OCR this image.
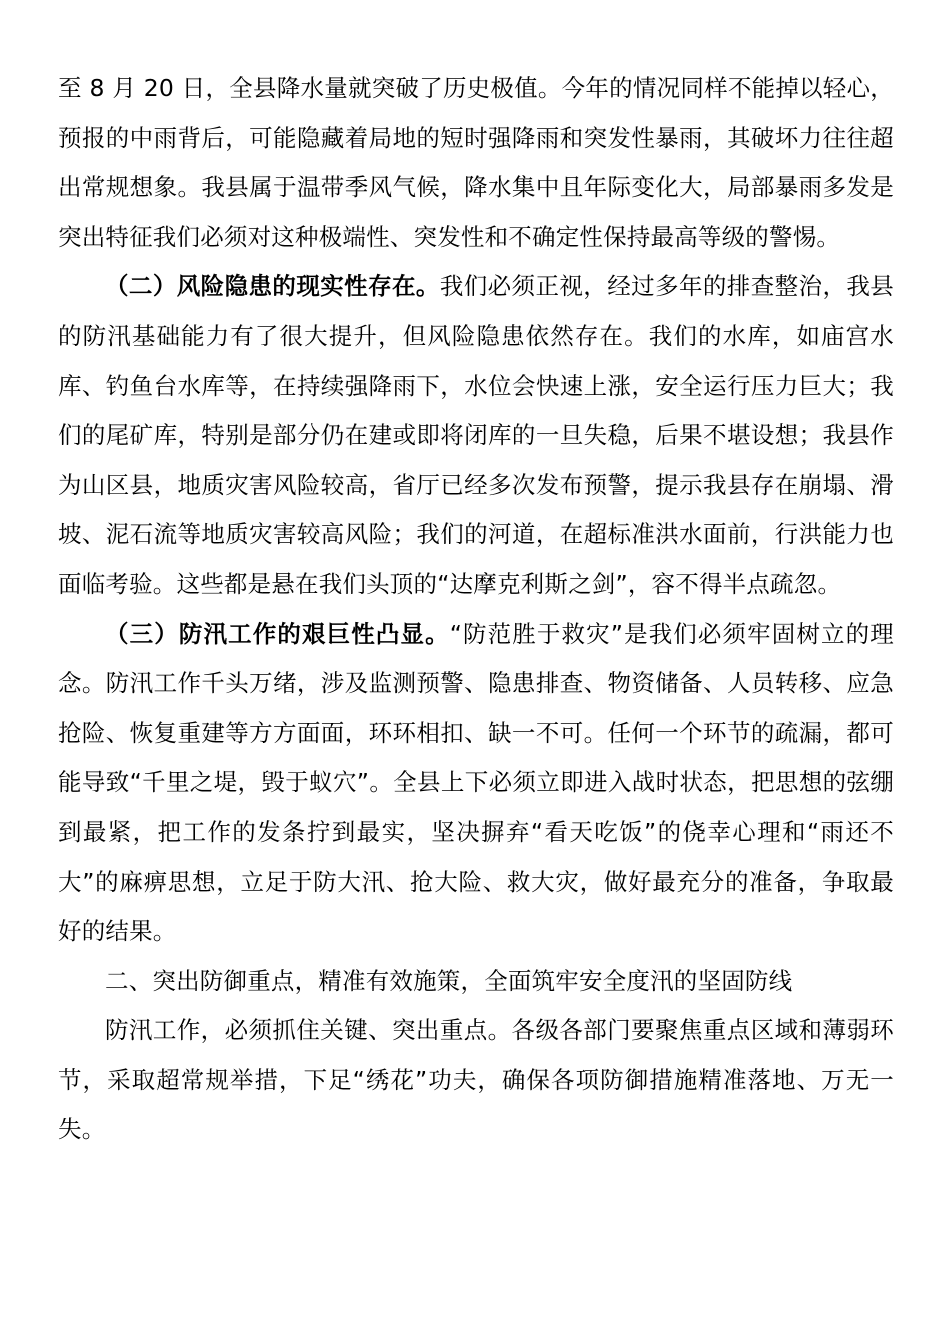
至 8 月 20 日，全县降水量就突破了历史极值。今年的情况同样不能掉以轻心，预报的中雨背后，可能隐藏着局地的短时强降雨和突发性暴雨，其破坏力往往超出常规想象。我县属于温带季风气候，降水集中且年际变化大，局部暴雨多发是突出特征我们必须对这种极端性、突发性和不确定性保持最高等级的警惕。

（二）风险隐患的现实性存在。我们必须正视，经过多年的排查整治，我县的防汛基础能力有了很大提升，但风险隐患依然存在。我们的水库，如庙宫水库、钓鱼台水库等，在持续强降雨下，水位会快速上涨，安全运行压力巨大；我们的尾矿库，特别是部分仍在建或即将闭库的一旦失稳，后果不堪设想；我县作为山区县，地质灾害风险较高，省厅已经多次发布预警，提示我县存在崩塌、滑坡、泥石流等地质灾害较高风险；我们的河道，在超标准洪水面前，行洪能力也面临考验。这些都是悬在我们头顶的“达摩克利斯之剑”，容不得半点疏忽。

（三）防汛工作的艰巨性凸显。“防范胜于救灾”是我们必须牢固树立的理念。防汛工作千头万绪，涉及监测预警、隐患排查、物资储备、人员转移、应急抢险、恢复重建等方方面面，环环相扣、缺一不可。任何一个环节的疏漏，都可能导致“千里之堤，毁于蚁穴”。全县上下必须立即进入战时状态，把思想的弦绷到最紧，把工作的发条拧到最实，坚决摒弃“看天吃饭”的侥幸心理和“雨还不大”的麻痹思想，立足于防大汛、抢大险、救大灾，做好最充分的准备，争取最好的结果。

二、突出防御重点，精准有效施策，全面筑牢安全度汛的坚固防线

防汛工作，必须抓住关键、突出重点。各级各部门要聚焦重点区域和薄弱环节，采取超常规举措，下足“绣花”功夫，确保各项防御措施精准落地、万无一失。
